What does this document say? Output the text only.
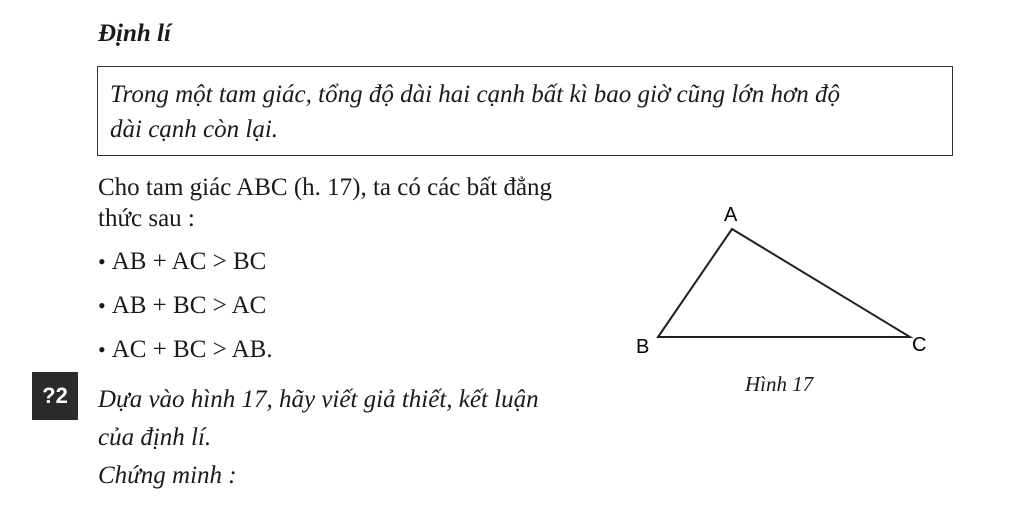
Định lí
Trong một tam giác, tổng độ dài hai cạnh bất kì bao giờ cũng lớn hơn độ
dài cạnh còn lại.
Cho tam giác ABC (h. 17), ta có các bất đẳng
thức sau :
• AB + AC > BC
• AB + BC > AC
• AC + BC > AB.
?2	Dựa vào hình 17, hãy viết giả thiết, kết luận
của định lí.
Chứng minh :

A
B	C
Hình 17
